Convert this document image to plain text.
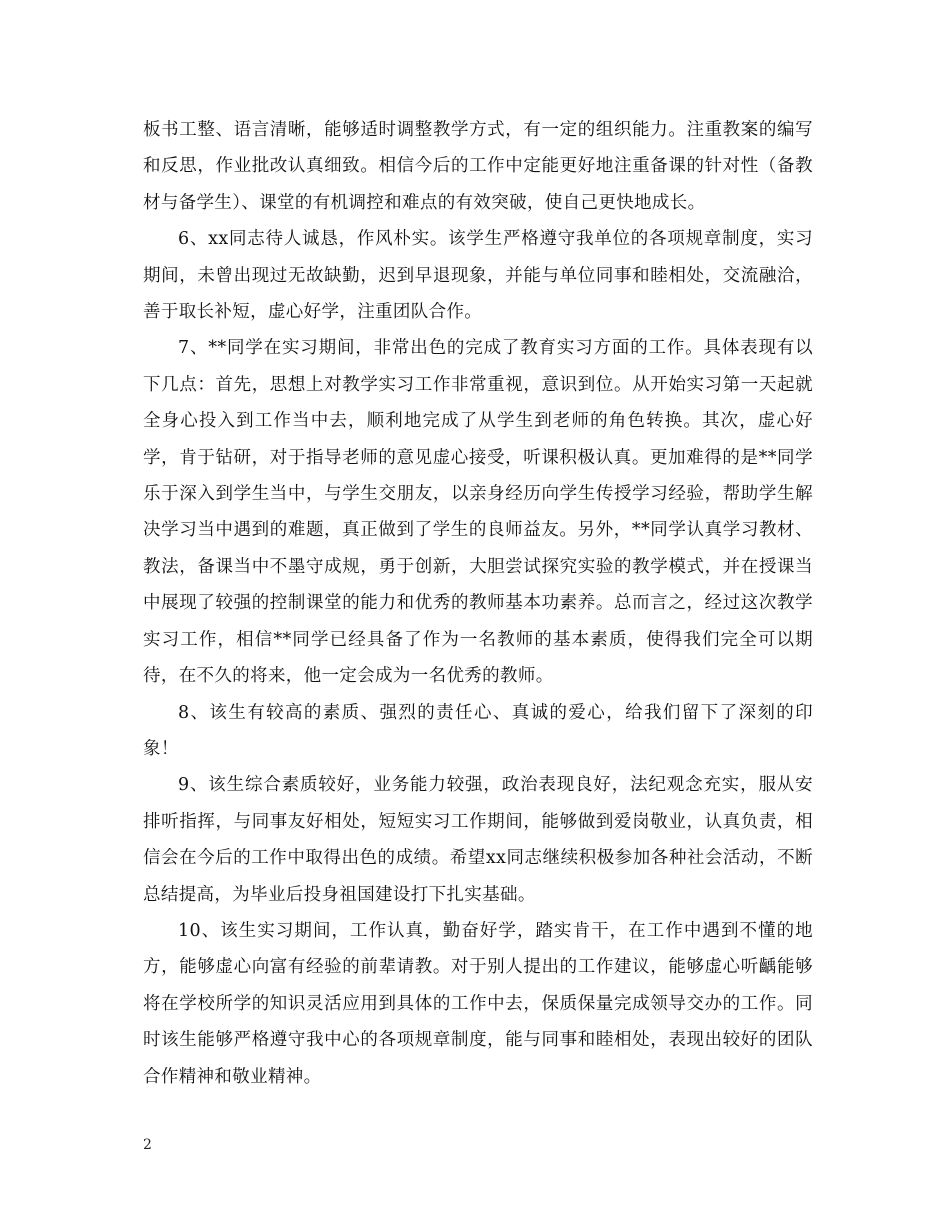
板书工整、语言清晰，能够适时调整教学方式，有一定的组织能力。注重教案的编写和反思，作业批改认真细致。相信今后的工作中定能更好地注重备课的针对性（备教材与备学生）、课堂的有机调控和难点的有效突破，使自己更快地成长。

6、xx同志待人诚恳，作风朴实。该学生严格遵守我单位的各项规章制度，实习期间，未曾出现过无故缺勤，迟到早退现象，并能与单位同事和睦相处，交流融洽，善于取长补短，虚心好学，注重团队合作。

7、**同学在实习期间，非常出色的完成了教育实习方面的工作。具体表现有以下几点：首先，思想上对教学实习工作非常重视，意识到位。从开始实习第一天起就全身心投入到工作当中去，顺利地完成了从学生到老师的角色转换。其次，虚心好学，肯于钻研，对于指导老师的意见虚心接受，听课积极认真。更加难得的是**同学乐于深入到学生当中，与学生交朋友，以亲身经历向学生传授学习经验，帮助学生解决学习当中遇到的难题，真正做到了学生的良师益友。另外，**同学认真学习教材、教法，备课当中不墨守成规，勇于创新，大胆尝试探究实验的教学模式，并在授课当中展现了较强的控制课堂的能力和优秀的教师基本功素养。总而言之，经过这次教学实习工作，相信**同学已经具备了作为一名教师的基本素质，使得我们完全可以期待，在不久的将来，他一定会成为一名优秀的教师。

8、该生有较高的素质、强烈的责任心、真诚的爱心，给我们留下了深刻的印象！

9、该生综合素质较好，业务能力较强，政治表现良好，法纪观念充实，服从安排听指挥，与同事友好相处，短短实习工作期间，能够做到爱岗敬业，认真负责，相信会在今后的工作中取得出色的成绩。希望xx同志继续积极参加各种社会活动，不断总结提高，为毕业后投身祖国建设打下扎实基础。

10、该生实习期间，工作认真，勤奋好学，踏实肯干，在工作中遇到不懂的地方，能够虚心向富有经验的前辈请教。对于别人提出的工作建议，能够虚心听齲能够将在学校所学的知识灵活应用到具体的工作中去，保质保量完成领导交办的工作。同时该生能够严格遵守我中心的各项规章制度，能与同事和睦相处，表现出较好的团队合作精神和敬业精神。

2
